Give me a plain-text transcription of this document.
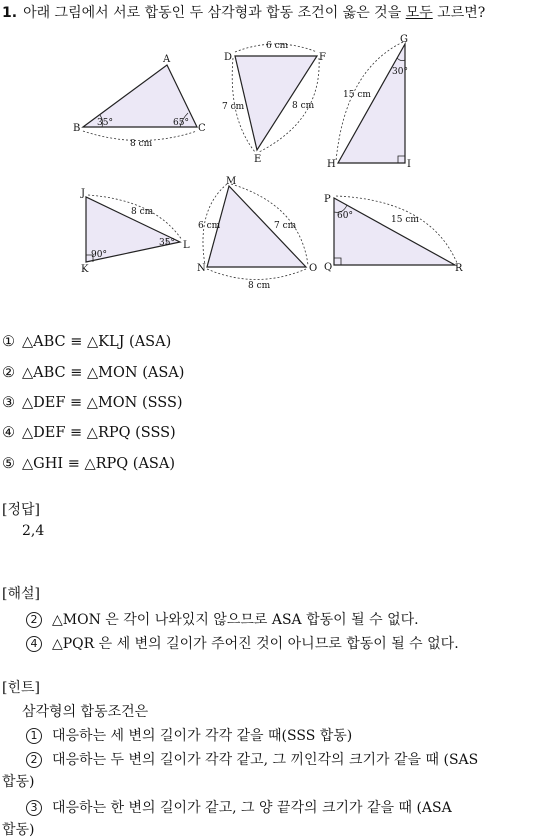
1. 아래 그림에서 서로 합동인 두 삼각형과 합동 조건이 옳은 것을 모두 고르면?
A
B	C
35°	65°
8 cm
D
E
F
6 cm
7 cm	8 cm
G
H	I
30°
15 cm
J
K
L
8 cm
90°
35°
M
N	O
6 cm	7 cm
8 cm
P
Q	R
60°	15 cm
① △ABC ≡ △KLJ (ASA)
② △ABC ≡ △MON (ASA)
③ △DEF ≡ △MON (SSS)
④ △DEF ≡ △RPQ (SSS)
⑤ △GHI ≡ △RPQ (ASA)
[정답]
2,4
[해설]
2 △MON 은 각이 나와있지 않으므로 ASA 합동이 될 수 없다.
4 △PQR 은 세 변의 길이가 주어진 것이 아니므로 합동이 될 수 없다.
[힌트]
삼각형의 합동조건은
1 대응하는 세 변의 길이가 각각 같을 때(SSS 합동)
2 대응하는 두 변의 길이가 각각 같고, 그 끼인각의 크기가 같을 때 (SAS
합동)
3 대응하는 한 변의 길이가 같고, 그 양 끝각의 크기가 같을 때 (ASA
합동)
